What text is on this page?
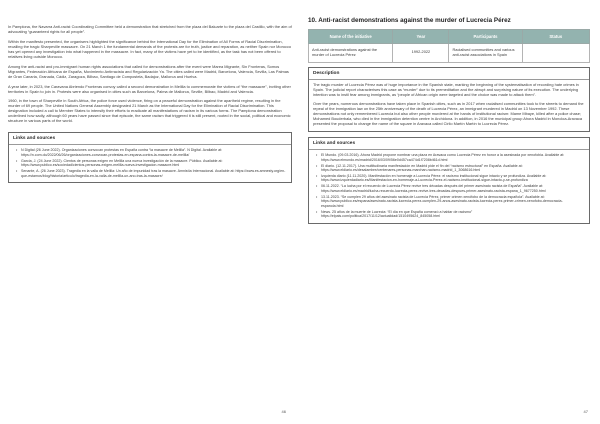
In Pamplona, the Navarra Anti-racist Coordinating Committee held a demonstration that stretched from the plaza del Baluarte to the plaza del Castillo, with the aim of advocating “guaranteed rights for all people”.

Within the manifesto presented, the organisers highlighted the significance behind the International Day for the Elimination of All Forms of Racial Discrimination, recalling the tragic Sharpeville massacre. On 21 March 1 the fundamental demands of the protests are for truth, justice and reparation, as neither Spain nor Morocco has yet opened any investigation into what happened in the massacre. In fact, many of the victims have yet to be identified, as the task has not been offered to relatives living outside Morocco.

Among the anti-racist and pro-immigrant human rights associations that called for demonstrations after the event were Marea Migrante, Sin Fronteras, Somos Migrantes, Federación Africana de España, Movimiento Antirracista and Regularización Ya. The cities called were Madrid, Barcelona, Valencia, Sevilla, Las Palmas de Gran Canaria, Granada, Cádiz, Zaragoza, Bilbao, Santiago de Compostela, Badajoz, Mallorca and Huelva.

A year later, in 2023, the Caravana Abriendo Fronteras convoy called a second demonstration in Melilla to commemorate the victims of “the massacre”, inviting other territories in Spain to join in. Protests were also organised in cities such as Barcelona, Palma de Mallorca, Seville, Bilbao, Madrid and Valencia.

1960, in the town of Sharpeville in South Africa, the police force used violence, firing on a peaceful demonstration against the apartheid regime, resulting in the murder of 69 people. The United Nations General Assembly designated 21 March as the International Day for the Elimination of Racial Discrimination. This designation included a call to Member States to intensify their efforts to eradicate all manifestations of racism in its various forms. The Pamplona demonstration underlined how sadly, although 60 years have passed since that episode, the same racism that triggered it is still present, rooted in the social, political and economic structure in various parts of the world.

Links and sources
• N Digital (26 June 2022). Organizaciones convocan protestas en España contra “la masacre de Melilla”. N Digital. Available at: https://n.com.do/2022/06/26/organizaciones-convocan-protestas-en-espana-contra-la-masacre-de-melilla/
• Garcia, J. (24 June 2022). Cientos de personas exigen en Melilla una nueva investigación de la masacre. Público. Available at: https://www.publico.es/sociedad/cientos-personas-exigen-melilla-nueva-investigacion-masacre.html
• Senante, A. (26 June 2023). Tragedia en la valla de Melilla: Un año de impunidad tras la masacre. Amnistía Internacional. Available at: https://www.es.amnesty.org/en-que-estamos/blog/historia/articulo/tragedia-en-la-valla-de-melilla-un-ano-tras-la-masacre/
46
10. Anti-racist demonstrations against the murder of Lucrecia Pérez
Name of the initiative	Year	Participants	Status
Anti-racist demonstrations against the murder of Lucrecia Pérez	1992-2022	Racialised communities and various anti-racist associations in Spain	
Description

The tragic murder of Lucrecia Pérez was of huge importance in the Spanish state, marking the beginning of the systematisation of recording hate crimes in Spain. The judicial report characterises this case as “murder” due to its premeditation and the abrupt and surprising nature of its execution. The underlying intention was to instil fear among immigrants, as “people of African origin were targeted and the choice was made to attack them”.

Over the years, numerous demonstrations have taken place in Spanish cities, such as in 2017 when racialised communities took to the streets to demand the repeal of the immigration law on the 25th anniversary of the death of Lucrecia Pérez, an immigrant murdered in Madrid on 13 November 1992. These demonstrations not only remembered Lucrecia but also other people murdered at the hands of institutional racism: Mame Mbaye, killed after a police chase; Mohamed Bouderbala, who died in the immigration detention centre in Archidona. In addition, in 2016 the municipal group Ahora Madrid in Moncloa-Aravaca presented the proposal to change the name of the square in Aravaca called Cirilo Martín Martín to Lucrecia Pérez.

Links and sources
• El Mundo. (09.03.2016). Ahora Madrid propone nombrar una plaza en Aravaca como Lucrecia Pérez en honor a la asesinada por xenofobia. Available at: https://www.elmundo.es/madrid/2016/03/09/56e0d457ca474d1f7208b461d.html
• El diario. (12.11.2017). Una multitudinaria manifestación en Madrid pide el fin del “racismo estructural” en España. Available at: https://www.eldiario.es/desalambre/centenares-personas-marchan-racismo-madrid_1_3068616.html
• Izquierda diario (11.11.2020). Manifestación en homenaje a Lucrecia Pérez: el racismo institucional sigue intacto y se profundiza. Available at: https://www.izquierdadiario.es/Manifestacion-en-homenaje-a-Lucrecia-Perez-el-racismo-institucional-sigue-intacto-y-se-profundiza
• 06.11.2022. “La lucha por el recuerdo de Lucrecia Pérez revive tres décadas después del primer asesinato racista de España”. Available at: https://www.eldiario.es/madrid/lucha-recuerdo-lucrecia-perez-revive-tres-decadas-despues-primer-asesinato-racista-espana_1_9677250.html
• 13.11.2023. “Se cumplen 29 años del asesinato racista de Lucrecia Pérez, primer crimen xenófobo de la democracia española”. Available at: https://www.publico.es/espana/asesinato-racista-lucrecia-perez-cumplen-29-anos-asesinato-racista-lucrecia-perez-primer-crimen-xenofobo-democracia-espanola.html
• News. 25 años de la muerte de Lucrecia: “El día en que España comenzó a hablar de racismo” https://elpais.com/politica/2017/11/12/actualidad/1510495624_845058.html
47
